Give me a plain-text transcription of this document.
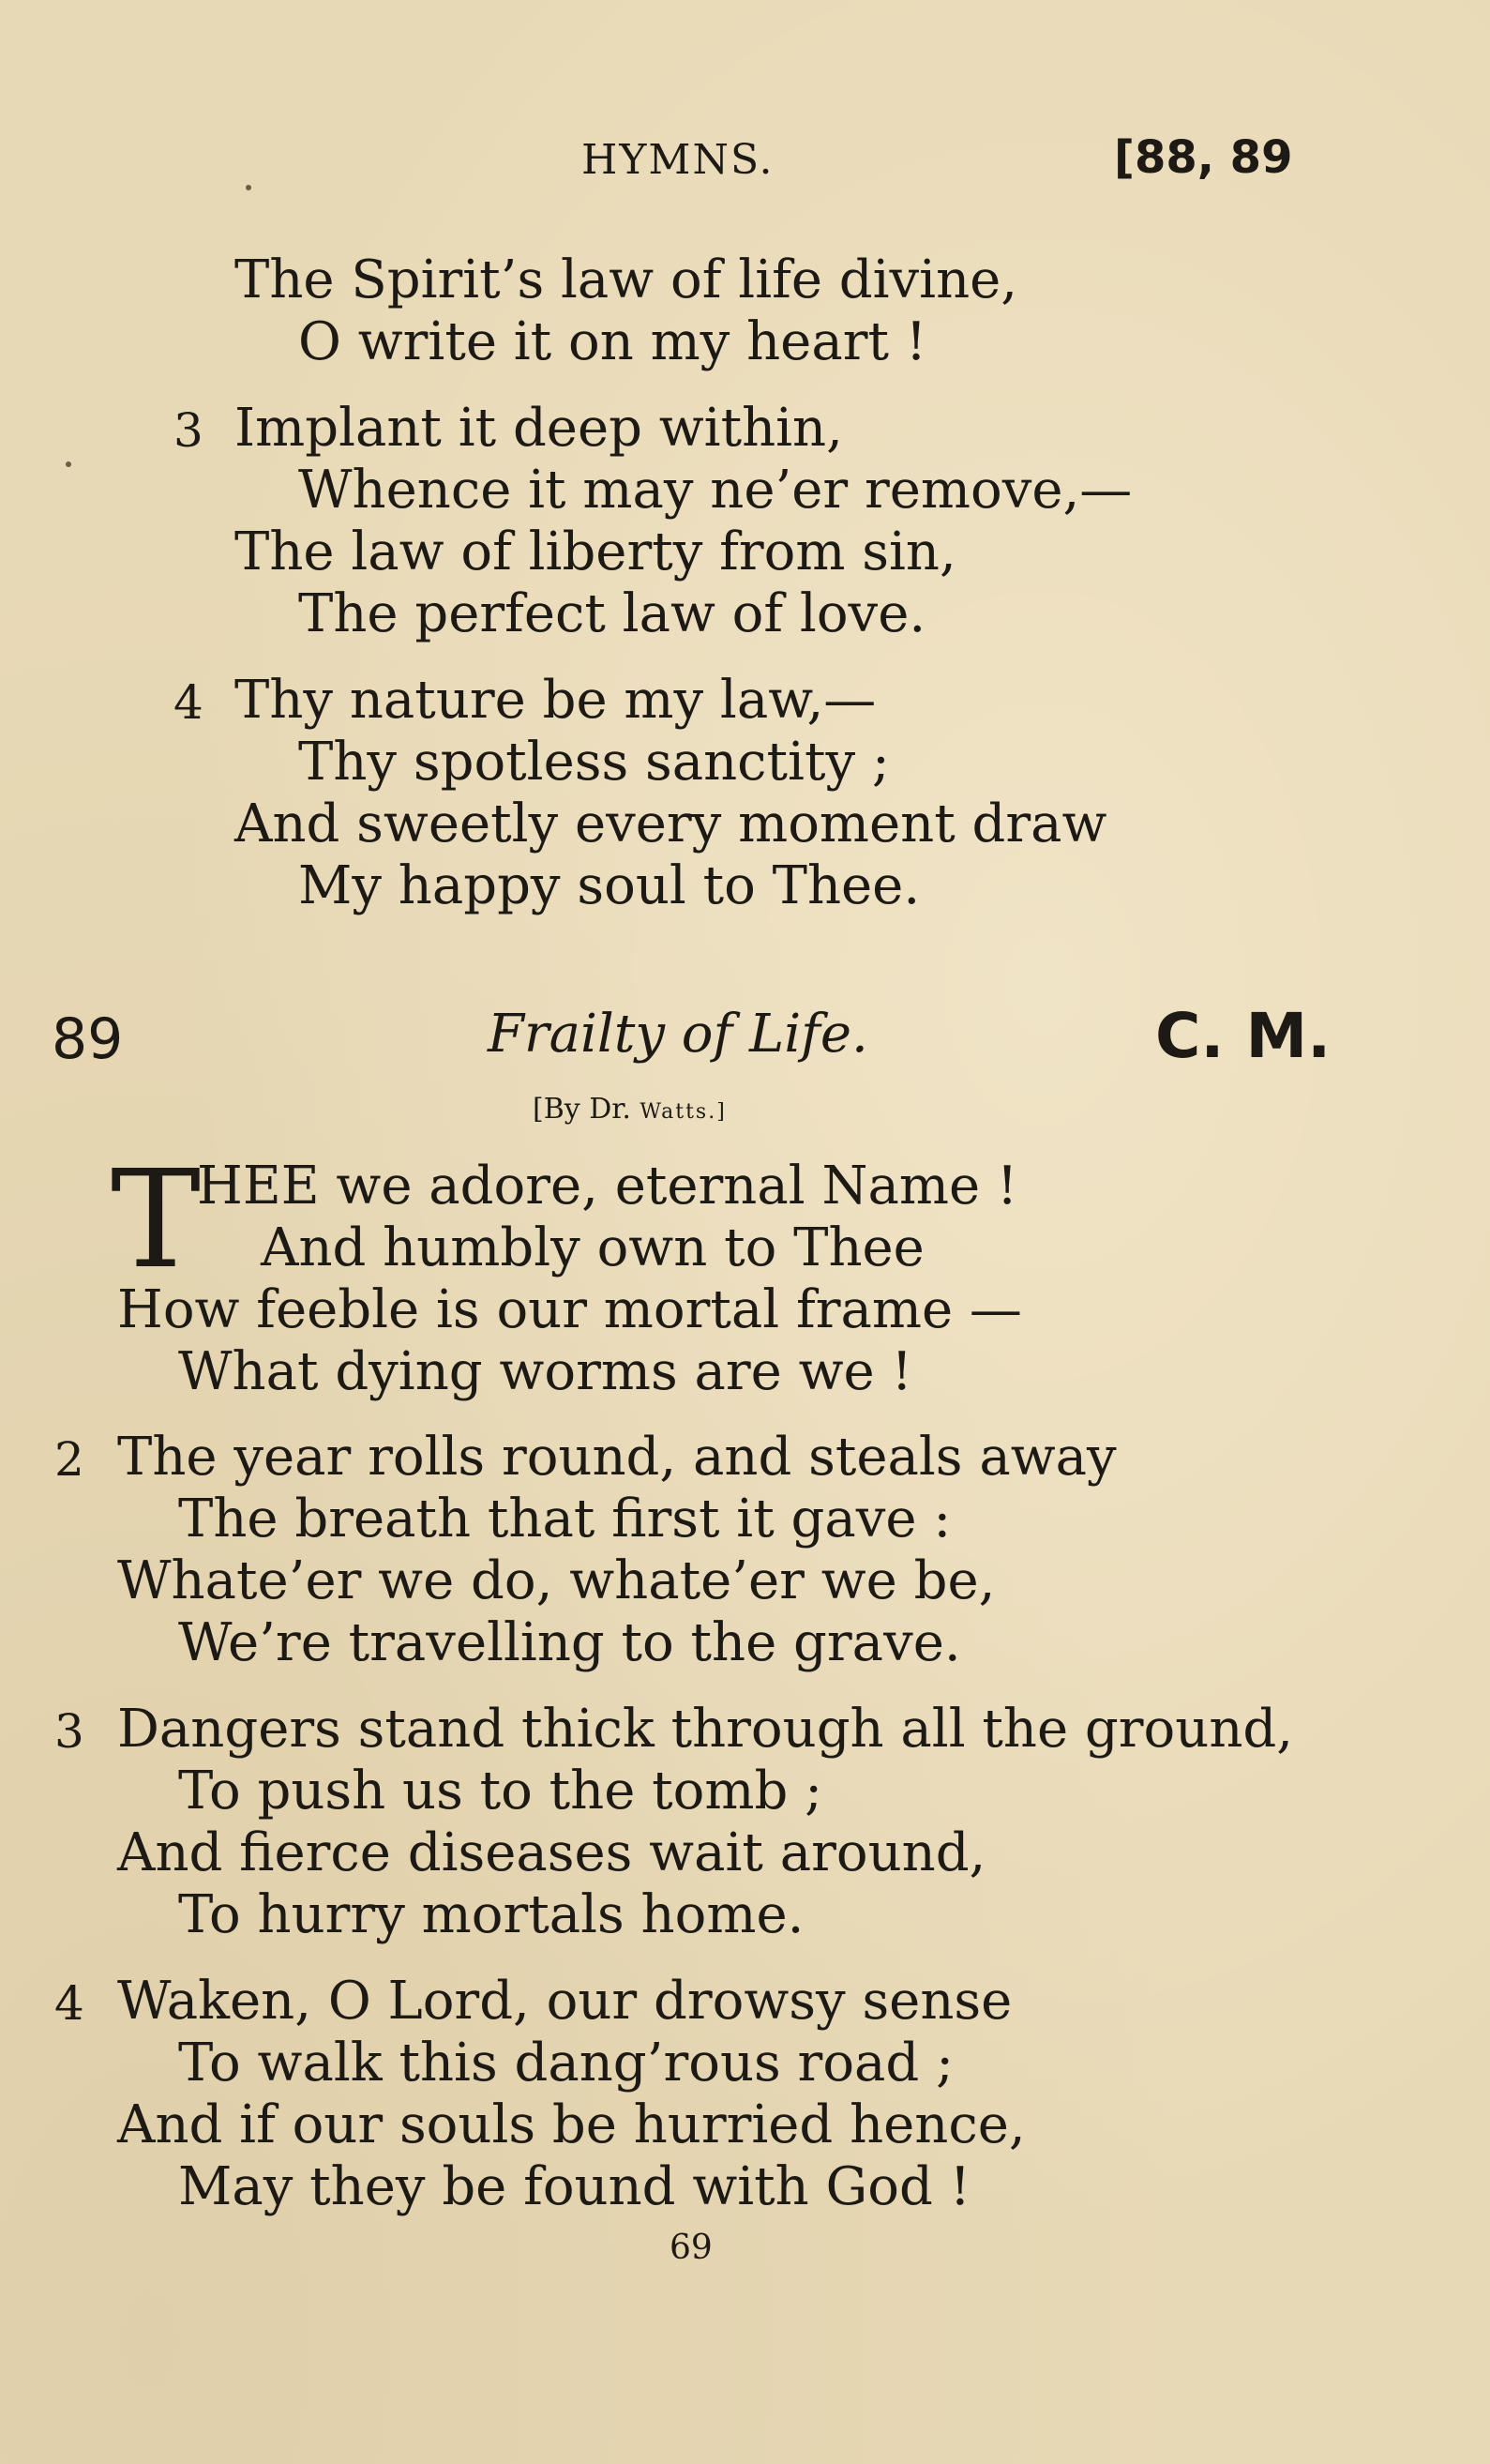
HYMNS.	[88, 89
The Spirit’s law of life divine,
O write it on my heart !
3 Implant it deep within,
Whence it may ne’er remove,—
The law of liberty from sin,
The perfect law of love.
4 Thy nature be my law,—
Thy spotless sanctity ;
And sweetly every moment draw
My happy soul to Thee.
89	Frailty of Life.	C. M.
[By Dr. Watts.]
T
HEE we adore, eternal Name !
And humbly own to Thee
How feeble is our mortal frame —
What dying worms are we !
2 The year rolls round, and steals away
The breath that first it gave :
Whate’er we do, whate’er we be,
We’re travelling to the grave.
3 Dangers stand thick through all the ground,
To push us to the tomb ;
And fierce diseases wait around,
To hurry mortals home.
4 Waken, O Lord, our drowsy sense
To walk this dang’rous road ;
And if our souls be hurried hence,
May they be found with God !
69
